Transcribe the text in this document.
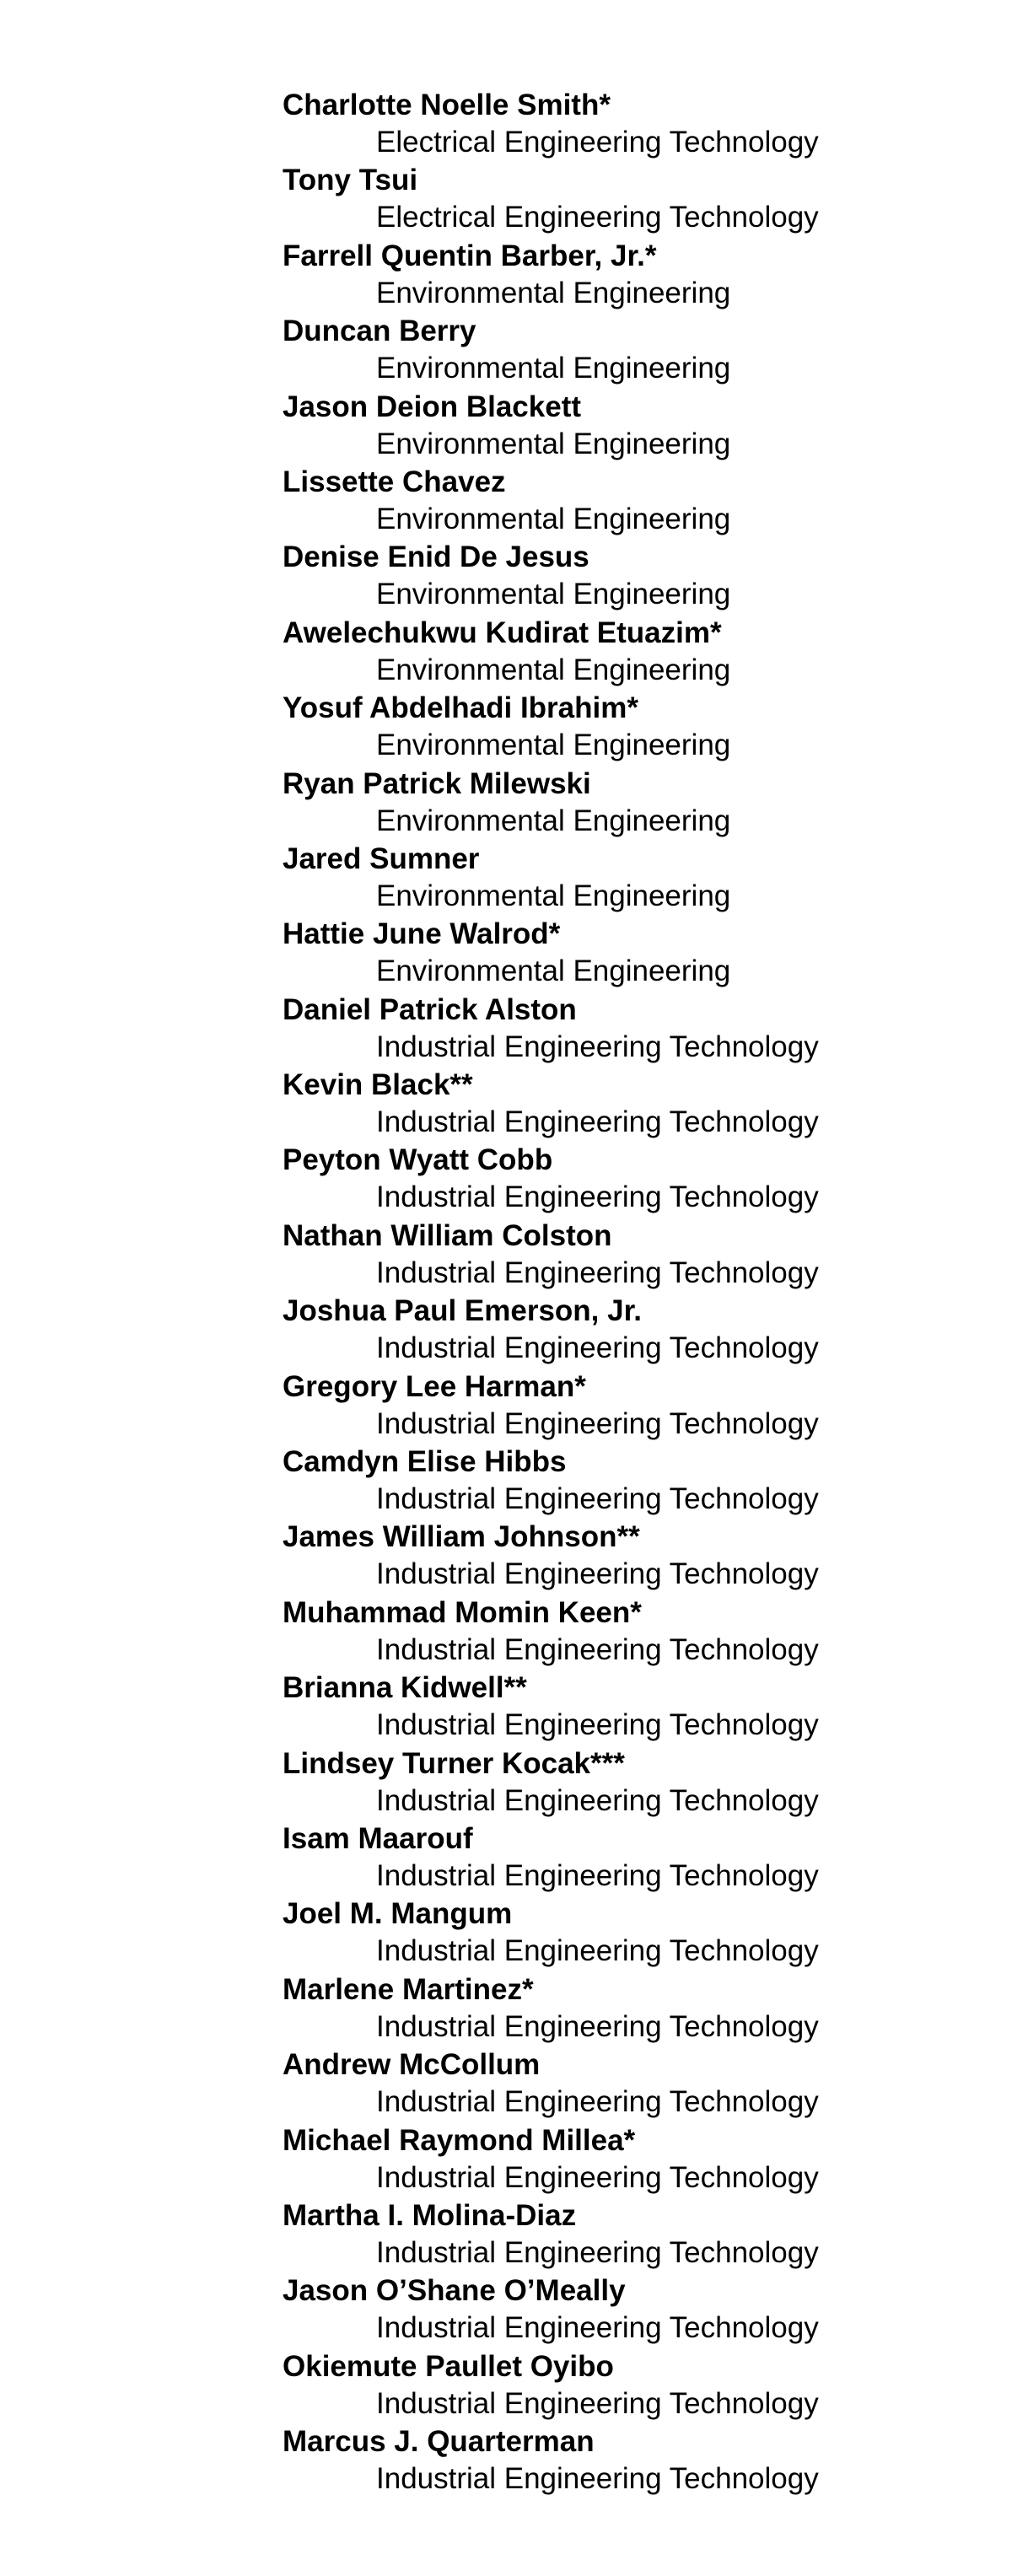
Charlotte Noelle Smith*
Electrical Engineering Technology
Tony Tsui
Electrical Engineering Technology
Farrell Quentin Barber, Jr.*
Environmental Engineering
Duncan Berry
Environmental Engineering
Jason Deion Blackett
Environmental Engineering
Lissette Chavez
Environmental Engineering
Denise Enid De Jesus
Environmental Engineering
Awelechukwu Kudirat Etuazim*
Environmental Engineering
Yosuf Abdelhadi Ibrahim*
Environmental Engineering
Ryan Patrick Milewski
Environmental Engineering
Jared Sumner
Environmental Engineering
Hattie June Walrod*
Environmental Engineering
Daniel Patrick Alston
Industrial Engineering Technology
Kevin Black**
Industrial Engineering Technology
Peyton Wyatt Cobb
Industrial Engineering Technology
Nathan William Colston
Industrial Engineering Technology
Joshua Paul Emerson, Jr.
Industrial Engineering Technology
Gregory Lee Harman*
Industrial Engineering Technology
Camdyn Elise Hibbs
Industrial Engineering Technology
James William Johnson**
Industrial Engineering Technology
Muhammad Momin Keen*
Industrial Engineering Technology
Brianna Kidwell**
Industrial Engineering Technology
Lindsey Turner Kocak***
Industrial Engineering Technology
Isam Maarouf
Industrial Engineering Technology
Joel M. Mangum
Industrial Engineering Technology
Marlene Martinez*
Industrial Engineering Technology
Andrew McCollum
Industrial Engineering Technology
Michael Raymond Millea*
Industrial Engineering Technology
Martha I. Molina-Diaz
Industrial Engineering Technology
Jason O’Shane O’Meally
Industrial Engineering Technology
Okiemute Paullet Oyibo
Industrial Engineering Technology
Marcus J. Quarterman
Industrial Engineering Technology
